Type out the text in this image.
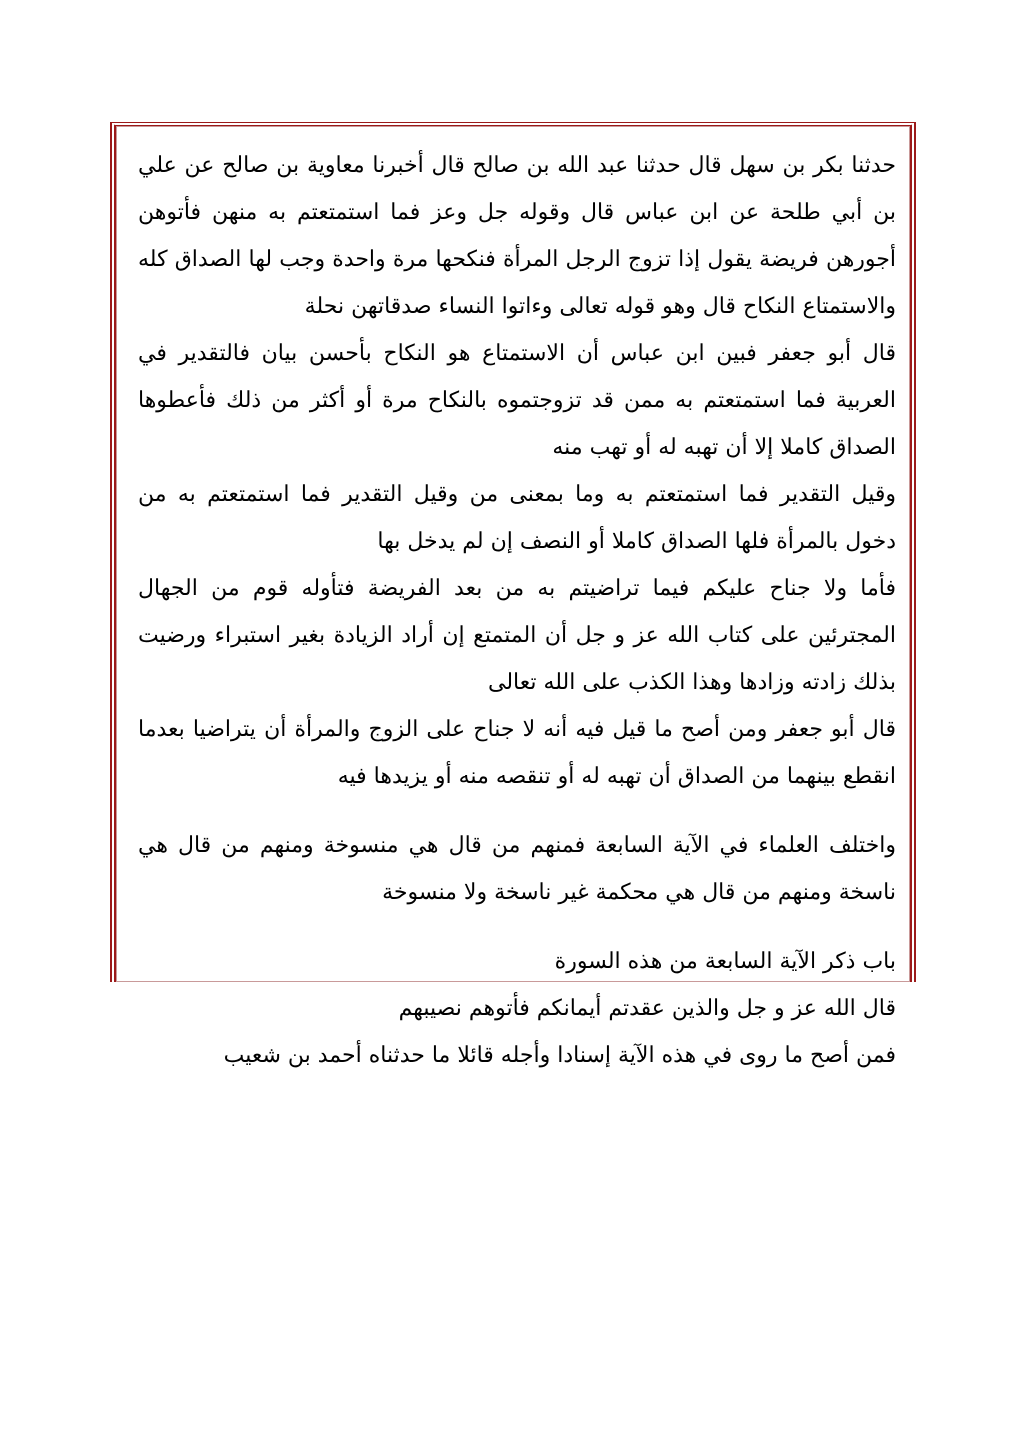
حدثنا بكر بن سهل قال حدثنا عبد الله بن صالح قال أخبرنا معاوية بن صالح عن علي بن أبي طلحة عن ابن عباس قال وقوله جل وعز فما استمتعتم به منهن فأتوهن أجورهن فريضة يقول إذا تزوج الرجل المرأة فنكحها مرة واحدة وجب لها الصداق كله والاستمتاع النكاح قال وهو قوله تعالى وءاتوا النساء صدقاتهن نحلة

قال أبو جعفر فبين ابن عباس أن الاستمتاع هو النكاح بأحسن بيان فالتقدير في العربية فما استمتعتم به ممن قد تزوجتموه بالنكاح مرة أو أكثر من ذلك فأعطوها الصداق كاملا إلا أن تهبه له أو تهب منه

وقيل التقدير فما استمتعتم به وما بمعنى من وقيل التقدير فما استمتعتم به من دخول بالمرأة فلها الصداق كاملا أو النصف إن لم يدخل بها

فأما ولا جناح عليكم فيما تراضيتم به من بعد الفريضة فتأوله قوم من الجهال المجترئين على كتاب الله عز و جل أن المتمتع إن أراد الزيادة بغير استبراء ورضيت بذلك زادته وزادها وهذا الكذب على الله تعالى

قال أبو جعفر ومن أصح ما قيل فيه أنه لا جناح على الزوج والمرأة أن يتراضيا بعدما انقطع بينهما من الصداق أن تهبه له أو تنقصه منه أو يزيدها فيه

واختلف العلماء في الآية السابعة فمنهم من قال هي منسوخة ومنهم من قال هي ناسخة ومنهم من قال هي محكمة غير ناسخة ولا منسوخة

باب ذكر الآية السابعة من هذه السورة

قال الله عز و جل والذين عقدتم أيمانكم فأتوهم نصيبهم

فمن أصح ما روى في هذه الآية إسنادا وأجله قائلا ما حدثناه أحمد بن شعيب
